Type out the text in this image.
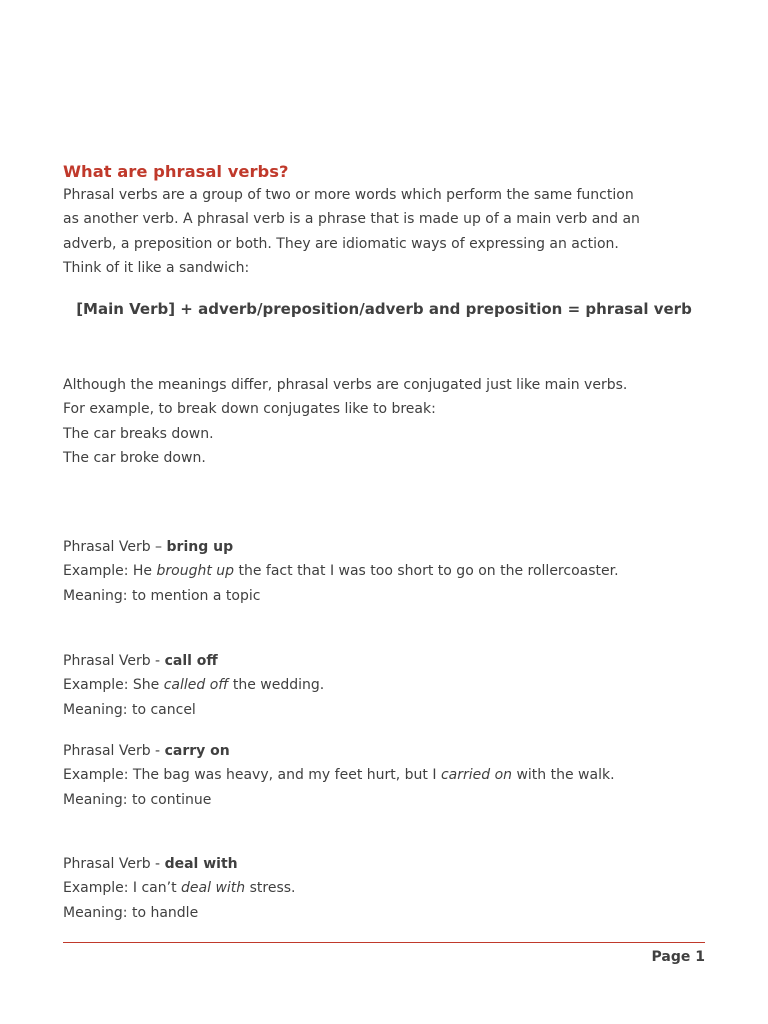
What are phrasal verbs?

Phrasal verbs are a group of two or more words which perform the same function as another verb. A phrasal verb is a phrase that is made up of a main verb and an adverb, a preposition or both. They are idiomatic ways of expressing an action. Think of it like a sandwich:

[Main Verb] + adverb/preposition/adverb and preposition = phrasal verb

Although the meanings differ, phrasal verbs are conjugated just like main verbs. For example, to break down conjugates like to break:

The car breaks down.

The car broke down.

Phrasal Verb – bring up

Example: He brought up the fact that I was too short to go on the rollercoaster.

Meaning: to mention a topic

Phrasal Verb - call off

Example: She called off the wedding.

Meaning: to cancel

Phrasal Verb - carry on

Example: The bag was heavy, and my feet hurt, but I carried on with the walk.

Meaning: to continue

Phrasal Verb - deal with

Example: I can’t deal with stress.

Meaning: to handle

Page 1
